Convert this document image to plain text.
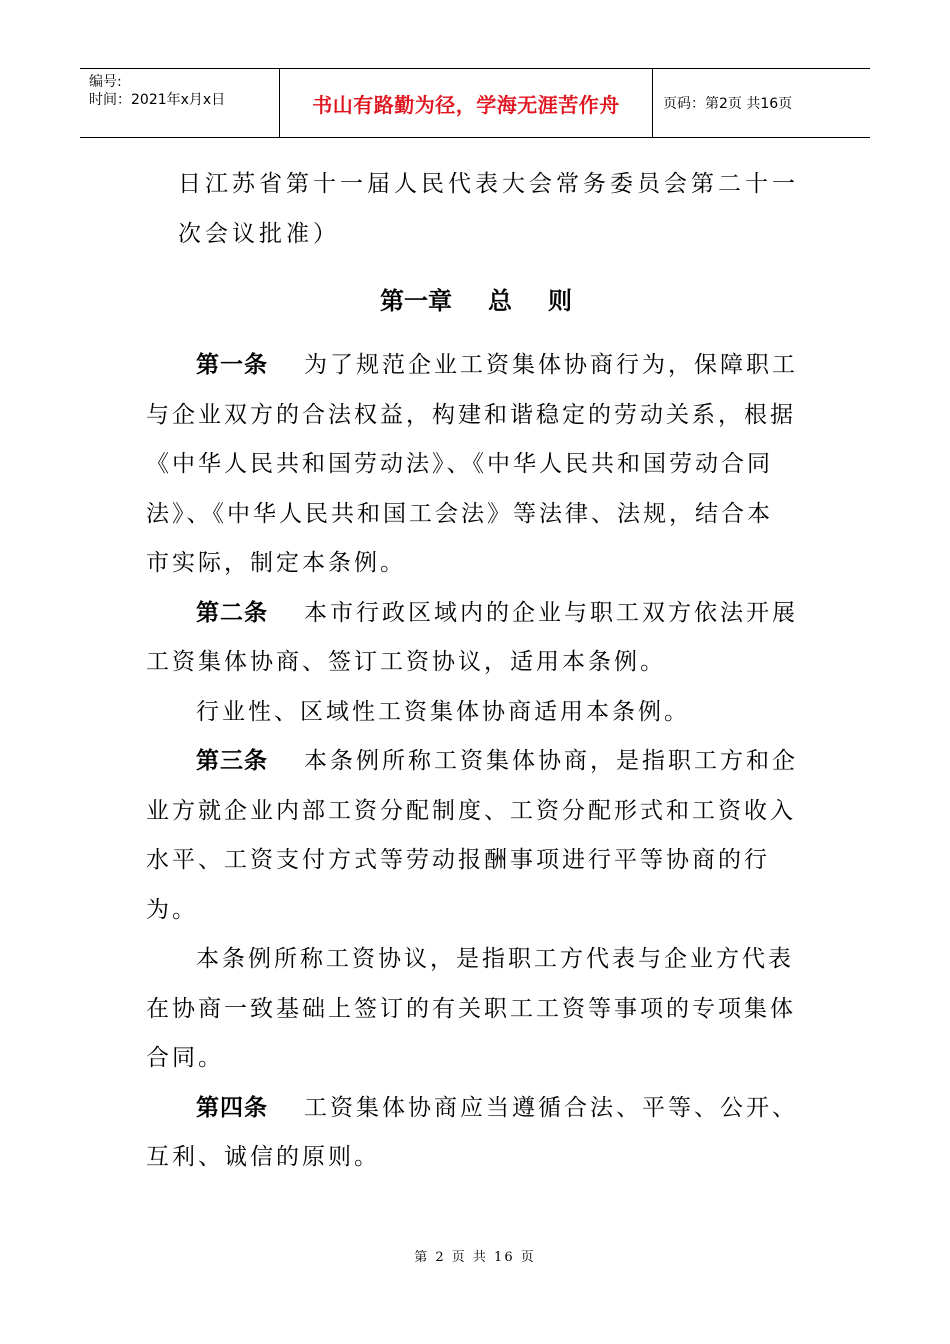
编号:
时间：2021年x月x日	书山有路勤为径，学海无涯苦作舟	页码：第2页 共16页
日江苏省第十一届人民代表大会常务委员会第二十一
次会议批准）
第一章 总 则
第一条 为了规范企业工资集体协商行为，保障职工
与企业双方的合法权益，构建和谐稳定的劳动关系，根据
《中华人民共和国劳动法》、《中华人民共和国劳动合同
法》、《中华人民共和国工会法》等法律、法规，结合本
市实际，制定本条例。
第二条 本市行政区域内的企业与职工双方依法开展
工资集体协商、签订工资协议，适用本条例。
行业性、区域性工资集体协商适用本条例。
第三条 本条例所称工资集体协商，是指职工方和企
业方就企业内部工资分配制度、工资分配形式和工资收入
水平、工资支付方式等劳动报酬事项进行平等协商的行为。
本条例所称工资协议，是指职工方代表与企业方代表
在协商一致基础上签订的有关职工工资等事项的专项集体
合同。
第四条 工资集体协商应当遵循合法、平等、公开、
互利、诚信的原则。
第 2 页 共 16 页
